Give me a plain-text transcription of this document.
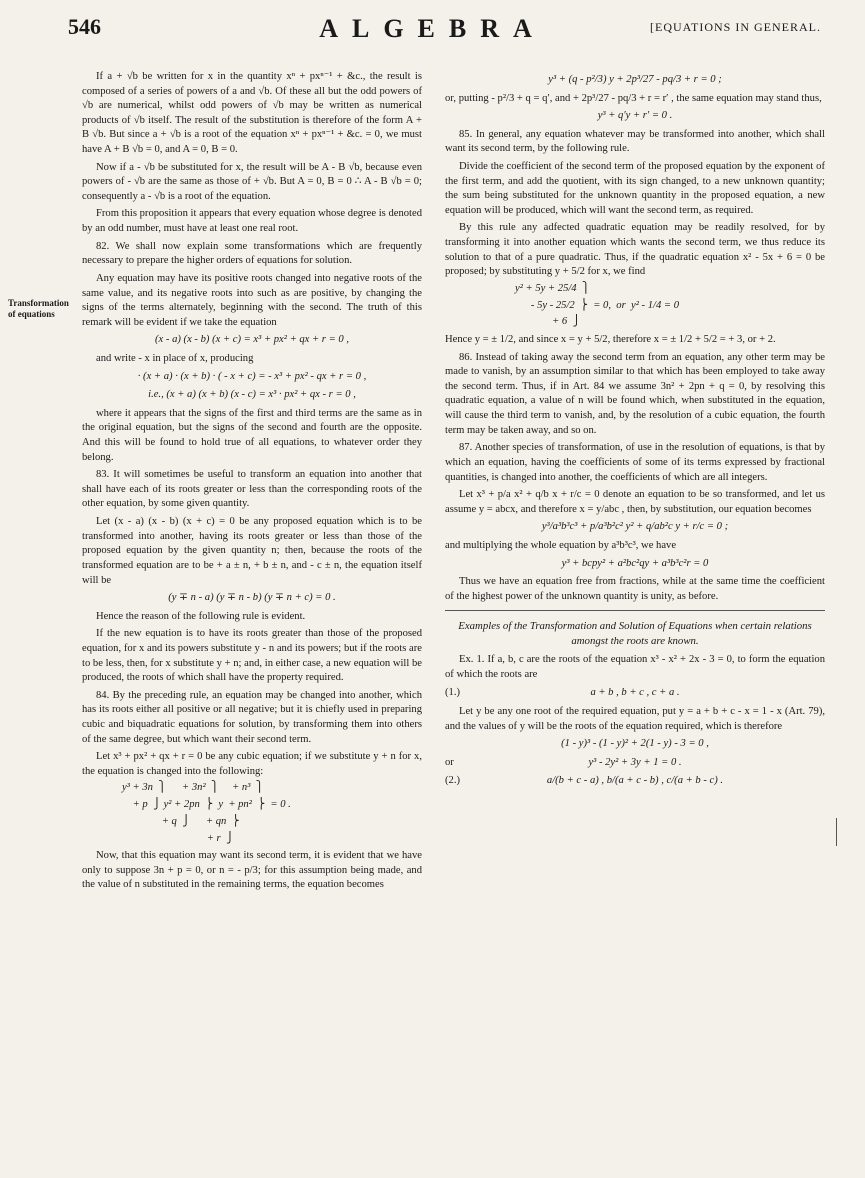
546	ALGEBRA	[EQUATIONS IN GENERAL.
Transformation of equations

If a + √b be written for x in the quantity xⁿ + pxⁿ⁻¹ + &c., the result is composed of a series of powers of a and √b. Of these all but the odd powers of √b are numerical, whilst odd powers of √b may be written as numerical products of √b itself. The result of the substitution is therefore of the form A + B √b. But since a + √b is a root of the equation xⁿ + pxⁿ⁻¹ + &c. = 0, we must have A + B √b = 0, and A = 0, B = 0.

Now if a - √b be substituted for x, the result will be A - B √b, because even powers of - √b are the same as those of + √b. But A = 0, B = 0 ∴ A - B √b = 0; consequently a - √b is a root of the equation.

From this proposition it appears that every equation whose degree is denoted by an odd number, must have at least one real root.

82. We shall now explain some transformations which are frequently necessary to prepare the higher orders of equations for solution.

Any equation may have its positive roots changed into negative roots of the same value, and its negative roots into such as are positive, by changing the signs of the terms alternately, beginning with the second. The truth of this remark will be evident if we take the equation

(x - a) (x - b) (x + c) = x³ + px² + qx + r = 0 ,

and write - x in place of x, producing

· (x + a) · (x + b) · ( - x + c) = - x³ + px² - qx + r = 0 ,
i.e., (x + a) (x + b) (x - c) = x³ · px² + qx - r = 0 ,

where it appears that the signs of the first and third terms are the same as in the original equation, but the signs of the second and fourth are the opposite. And this will be found to hold true of all equations, to whatever order they belong.

83. It will sometimes be useful to transform an equation into another that shall have each of its roots greater or less than the corresponding roots of the other equation, by some given quantity.

Let (x - a) (x - b) (x + c) = 0 be any proposed equation which is to be transformed into another, having its roots greater or less than those of the proposed equation by the given quantity n; then, because the roots of the transformed equation are to be + a ± n, + b ± n, and - c ± n, the equation itself will be

(y ∓ n - a) (y ∓ n - b) (y ∓ n + c) = 0 .

Hence the reason of the following rule is evident.

If the new equation is to have its roots greater than those of the proposed equation, for x and its powers substitute y - n and its powers; but if the roots are to be less, then, for x substitute y + n; and, in either case, a new equation will be produced, the roots of which shall have the property required.

84. By the preceding rule, an equation may be changed into another, which has its roots either all positive or all negative; but it is chiefly used in preparing cubic and biquadratic equations for solution, by transforming them into others of the same degree, but which want their second term.

Let x³ + px² + qx + r = 0 be any cubic equation; if we substitute y + n for x, the equation is changed into the following:

y³ + 3n  ⎫      + 3n²  ⎫     + n³  ⎫
+ p  ⎭ y² + 2pn  ⎬  y  + pn²  ⎬  = 0 .
+ q  ⎭      + qn  ⎬
+ r  ⎭

Now, that this equation may want its second term, it is evident that we have only to suppose 3n + p = 0, or n = - p/3; for this assumption being made, and the value of n substituted in the remaining terms, the equation becomes

y³ + (q - p²/3) y + 2p³/27 - pq/3 + r = 0 ;

or, putting - p²/3 + q = q′, and + 2p³/27 - pq/3 + r = r′ , the same equation may stand thus,

y³ + q′y + r′ = 0 .

85. In general, any equation whatever may be transformed into another, which shall want its second term, by the following rule.

Divide the coefficient of the second term of the proposed equation by the exponent of the first term, and add the quotient, with its sign changed, to a new unknown quantity; the sum being substituted for the unknown quantity in the proposed equation, a new equation will be produced, which will want the second term, as required.

By this rule any adfected quadratic equation may be readily resolved, for by transforming it into another equation which wants the second term, we thus reduce its solution to that of a pure quadratic. Thus, if the quadratic equation x² - 5x + 6 = 0 be proposed; by substituting y + 5/2 for x, we find

y² + 5y + 25/4  ⎫
- 5y - 25/2  ⎬  = 0,  or  y² - 1/4 = 0
+ 6  ⎭

Hence y = ± 1/2, and since x = y + 5/2, therefore x = ± 1/2 + 5/2 = + 3, or + 2.

86. Instead of taking away the second term from an equation, any other term may be made to vanish, by an assumption similar to that which has been employed to take away the second term. Thus, if in Art. 84 we assume 3n² + 2pn + q = 0, by resolving this quadratic equation, a value of n will be found which, when substituted in the equation, will cause the third term to vanish, and, by the resolution of a cubic equation, the fourth term may be taken away, and so on.

87. Another species of transformation, of use in the resolution of equations, is that by which an equation, having the coefficients of some of its terms expressed by fractional quantities, is changed into another, the coefficients of which are all integers.

Let x³ + p/a x² + q/b x + r/c = 0 denote an equation to be so transformed, and let us assume y = abcx, and therefore x = y/abc , then, by substitution, our equation becomes

y³/a³b³c³ + p/a³b²c² y² + q/ab²c y + r/c = 0 ;

and multiplying the whole equation by a³b³c³, we have

y³ + bcpy² + a²bc²qy + a³b³c²r = 0

Thus we have an equation free from fractions, while at the same time the coefficient of the highest power of the unknown quantity is unity, as before.

Examples of the Transformation and Solution of Equations when certain relations amongst the roots are known.

Ex. 1. If a, b, c are the roots of the equation x³ - x² + 2x - 3 = 0, to form the equation of which the roots are

(1.)	a + b , b + c , c + a .

Let y be any one root of the required equation, put y = a + b + c - x = 1 - x (Art. 79), and the values of y will be the roots of the equation required, which is therefore

(1 - y)³ - (1 - y)² + 2(1 - y) - 3 = 0 ,
or	y³ - 2y² + 3y + 1 = 0 .
(2.)	a/(b + c - a) , b/(a + c - b) , c/(a + b - c) .
